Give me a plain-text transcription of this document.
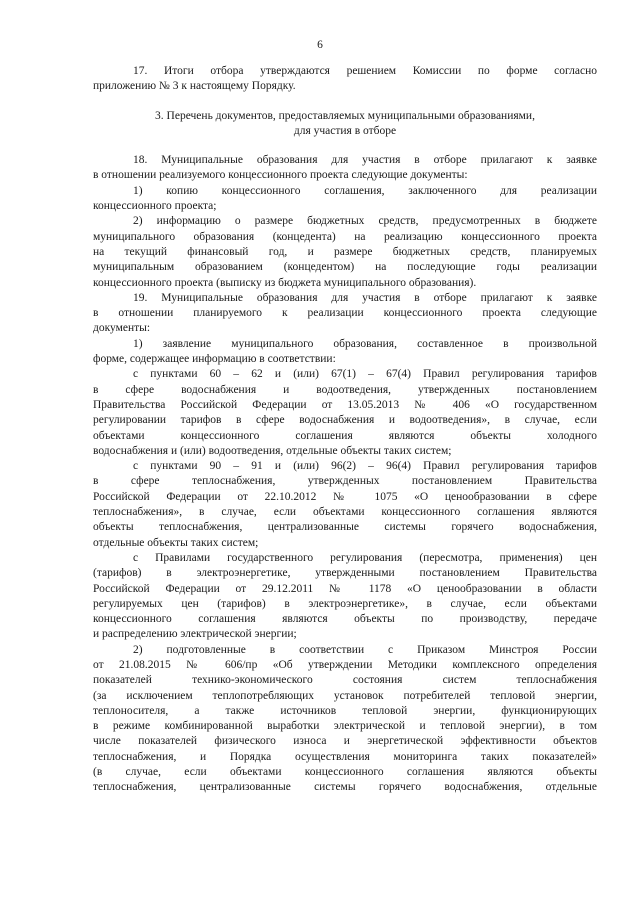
6
17. Итоги отбора утверждаются решением Комиссии по форме согласно
приложению № 3 к настоящему Порядку.
3. Перечень документов, предоставляемых муниципальными образованиями,
для участия в отборе
18. Муниципальные образования для участия в отборе прилагают к заявке
в отношении реализуемого концессионного проекта следующие документы:
1) копию концессионного соглашения, заключенного для реализации
концессионного проекта;
2) информацию о размере бюджетных средств, предусмотренных в бюджете
муниципального образования (концедента) на реализацию концессионного проекта
на текущий финансовый год, и размере бюджетных средств, планируемых
муниципальным образованием (концедентом) на последующие годы реализации
концессионного проекта (выписку из бюджета муниципального образования).
19. Муниципальные образования для участия в отборе прилагают к заявке
в отношении планируемого к реализации концессионного проекта следующие
документы:
1) заявление муниципального образования, составленное в произвольной
форме, содержащее информацию в соответствии:
с пунктами 60 – 62 и (или) 67(1) – 67(4) Правил регулирования тарифов
в сфере водоснабжения и водоотведения, утвержденных постановлением
Правительства Российской Федерации от 13.05.2013 № 406 «О государственном
регулировании тарифов в сфере водоснабжения и водоотведения», в случае, если
объектами концессионного соглашения являются объекты холодного
водоснабжения и (или) водоотведения, отдельные объекты таких систем;
с пунктами 90 – 91 и (или) 96(2) – 96(4) Правил регулирования тарифов
в сфере теплоснабжения, утвержденных постановлением Правительства
Российской Федерации от 22.10.2012 № 1075 «О ценообразовании в сфере
теплоснабжения», в случае, если объектами концессионного соглашения являются
объекты теплоснабжения, централизованные системы горячего водоснабжения,
отдельные объекты таких систем;
с Правилами государственного регулирования (пересмотра, применения) цен
(тарифов) в электроэнергетике, утвержденными постановлением Правительства
Российской Федерации от 29.12.2011 № 1178 «О ценообразовании в области
регулируемых цен (тарифов) в электроэнергетике», в случае, если объектами
концессионного соглашения являются объекты по производству, передаче
и распределению электрической энергии;
2) подготовленные в соответствии с Приказом Минстроя России
от 21.08.2015 № 606/пр «Об утверждении Методики комплексного определения
показателей технико-экономического состояния систем теплоснабжения
(за исключением теплопотребляющих установок потребителей тепловой энергии,
теплоносителя, а также источников тепловой энергии, функционирующих
в режиме комбинированной выработки электрической и тепловой энергии), в том
числе показателей физического износа и энергетической эффективности объектов
теплоснабжения, и Порядка осуществления мониторинга таких показателей»
(в случае, если объектами концессионного соглашения являются объекты
теплоснабжения, централизованные системы горячего водоснабжения, отдельные
